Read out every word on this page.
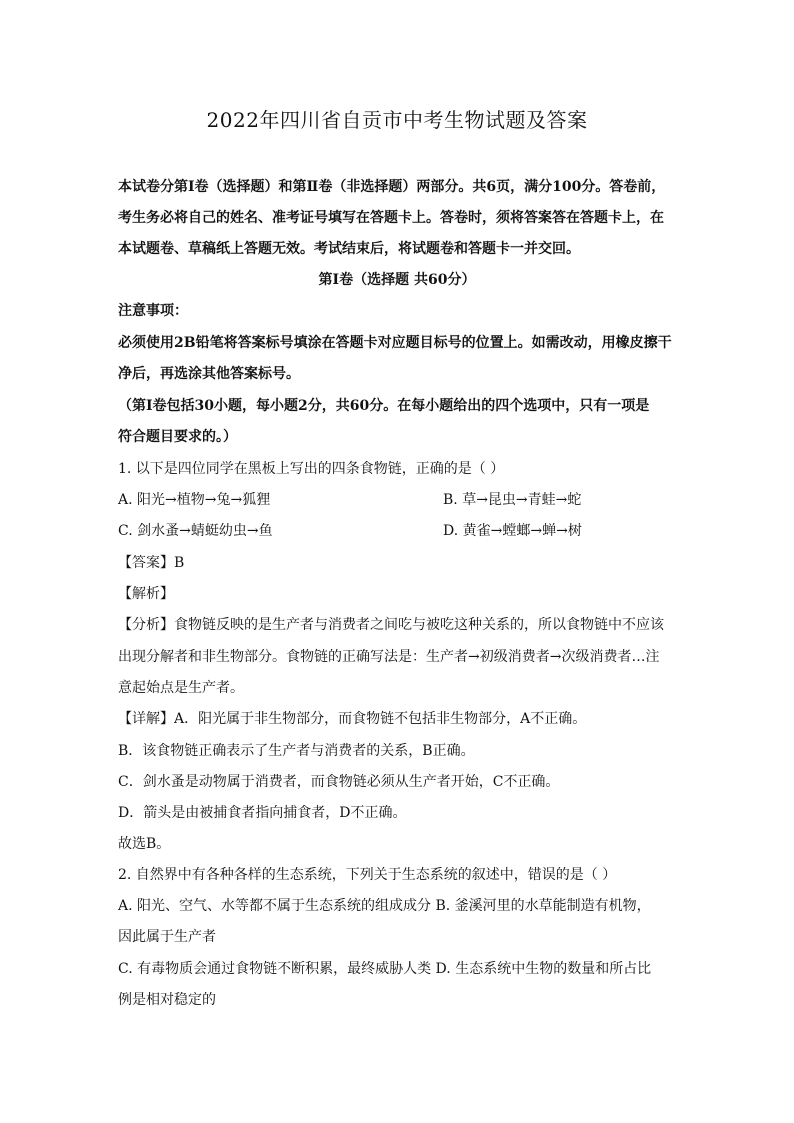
2022年四川省自贡市中考生物试题及答案
本试卷分第Ⅰ卷（选择题）和第Ⅱ卷（非选择题）两部分。共6页，满分100分。答卷前，
考生务必将自己的姓名、准考证号填写在答题卡上。答卷时，须将答案答在答题卡上，在
本试题卷、草稿纸上答题无效。考试结束后，将试题卷和答题卡一并交回。
第Ⅰ卷（选择题 共60分）
注意事项：
必须使用2B铅笔将答案标号填涂在答题卡对应题目标号的位置上。如需改动，用橡皮擦干
净后，再选涂其他答案标号。
（第Ⅰ卷包括30小题，每小题2分，共60分。在每小题给出的四个选项中，只有一项是
符合题目要求的。）
1. 以下是四位同学在黑板上写出的四条食物链，正确的是（ ）
A. 阳光→植物→兔→狐狸	B. 草→昆虫→青蛙→蛇
C. 剑水蚤→蜻蜓幼虫→鱼	D. 黄雀→螳螂→蝉→树
【答案】B
【解析】
【分析】食物链反映的是生产者与消费者之间吃与被吃这种关系的，所以食物链中不应该
出现分解者和非生物部分。食物链的正确写法是：生产者→初级消费者→次级消费者…注
意起始点是生产者。
【详解】A．阳光属于非生物部分，而食物链不包括非生物部分，A不正确。
B．该食物链正确表示了生产者与消费者的关系，B正确。
C．剑水蚤是动物属于消费者，而食物链必须从生产者开始，C不正确。
D．箭头是由被捕食者指向捕食者，D不正确。
故选B。
2. 自然界中有各种各样的生态系统，下列关于生态系统的叙述中，错误的是（ ）
A. 阳光、空气、水等都不属于生态系统的组成成分 B. 釜溪河里的水草能制造有机物，
因此属于生产者
C. 有毒物质会通过食物链不断积累，最终威胁人类 D. 生态系统中生物的数量和所占比
例是相对稳定的
